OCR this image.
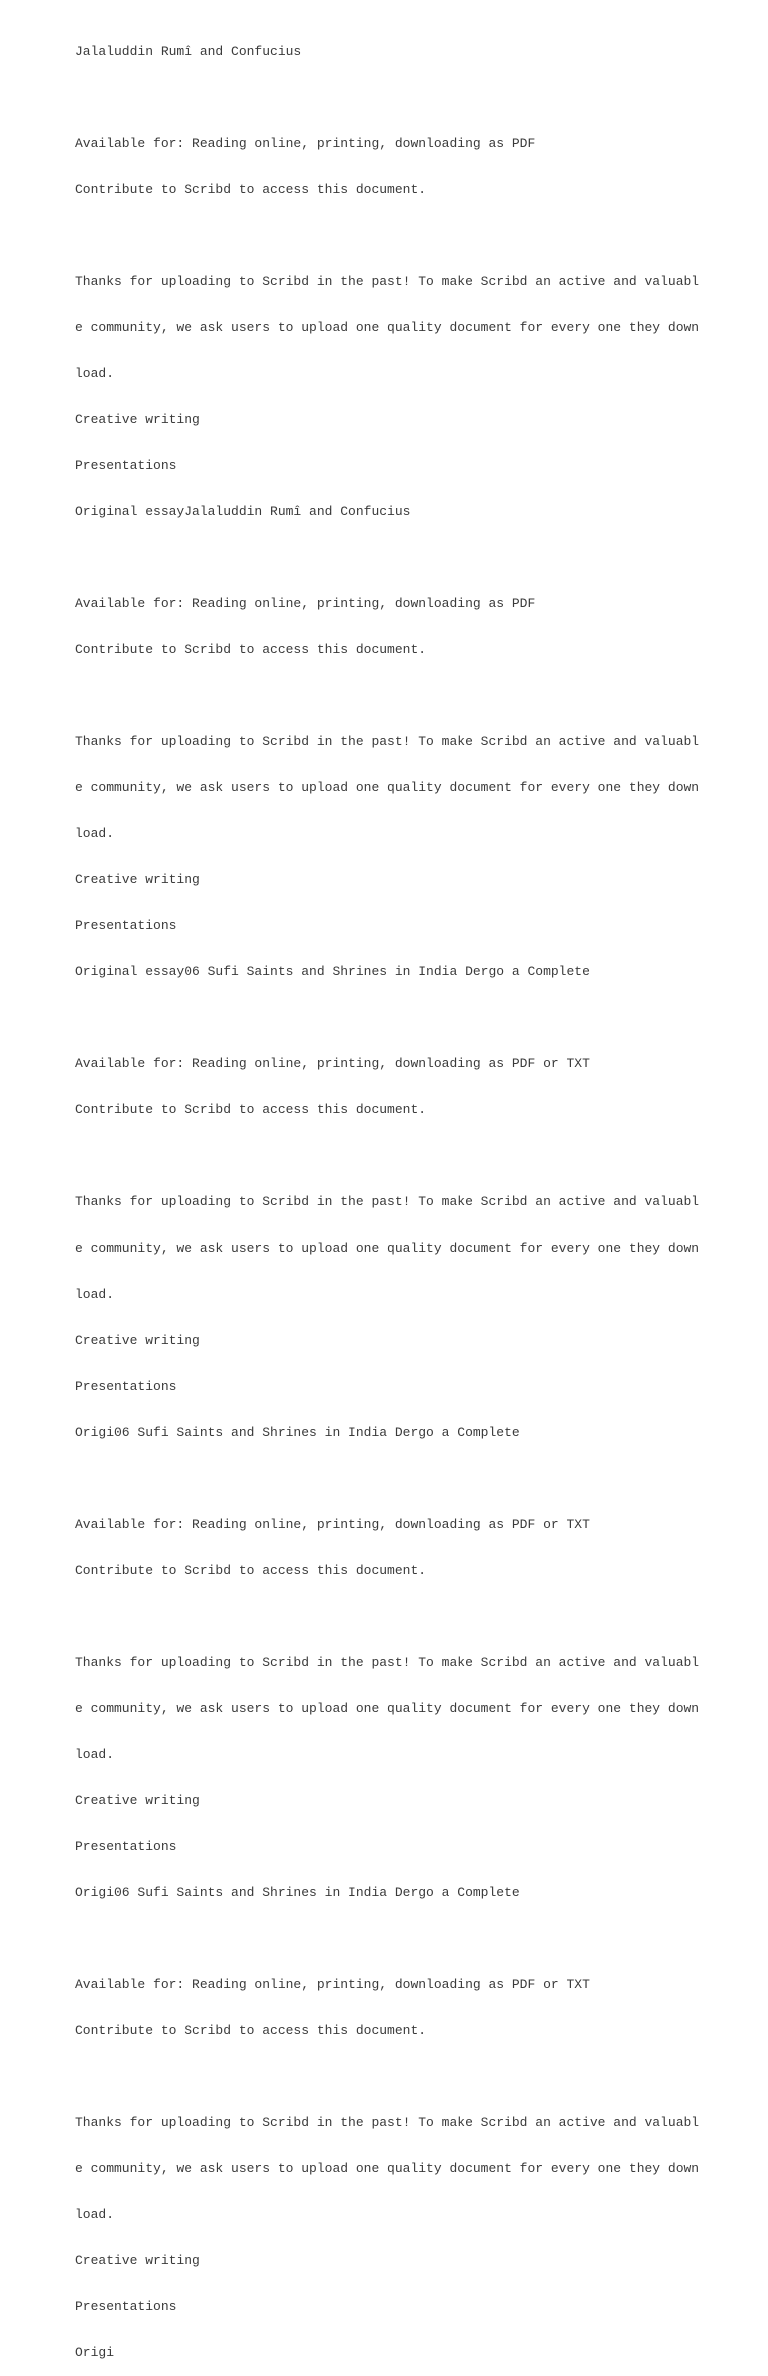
Jalaluddin Rumî and Confucius

Available for: Reading online, printing, downloading as PDF

Contribute to Scribd to access this document.

Thanks for uploading to Scribd in the past! To make Scribd an active and valuabl

e community, we ask users to upload one quality document for every one they down

load.

Creative writing

Presentations

Original essayJalaluddin Rumî and Confucius

Available for: Reading online, printing, downloading as PDF

Contribute to Scribd to access this document.

Thanks for uploading to Scribd in the past! To make Scribd an active and valuabl

e community, we ask users to upload one quality document for every one they down

load.

Creative writing

Presentations

Original essay06 Sufi Saints and Shrines in India Dergo a Complete

Available for: Reading online, printing, downloading as PDF or TXT

Contribute to Scribd to access this document.

Thanks for uploading to Scribd in the past! To make Scribd an active and valuabl

e community, we ask users to upload one quality document for every one they down

load.

Creative writing

Presentations

Origi06 Sufi Saints and Shrines in India Dergo a Complete

Available for: Reading online, printing, downloading as PDF or TXT

Contribute to Scribd to access this document.

Thanks for uploading to Scribd in the past! To make Scribd an active and valuabl

e community, we ask users to upload one quality document for every one they down

load.

Creative writing

Presentations

Origi06 Sufi Saints and Shrines in India Dergo a Complete

Available for: Reading online, printing, downloading as PDF or TXT

Contribute to Scribd to access this document.

Thanks for uploading to Scribd in the past! To make Scribd an active and valuabl

e community, we ask users to upload one quality document for every one they down

load.

Creative writing

Presentations

Origi
